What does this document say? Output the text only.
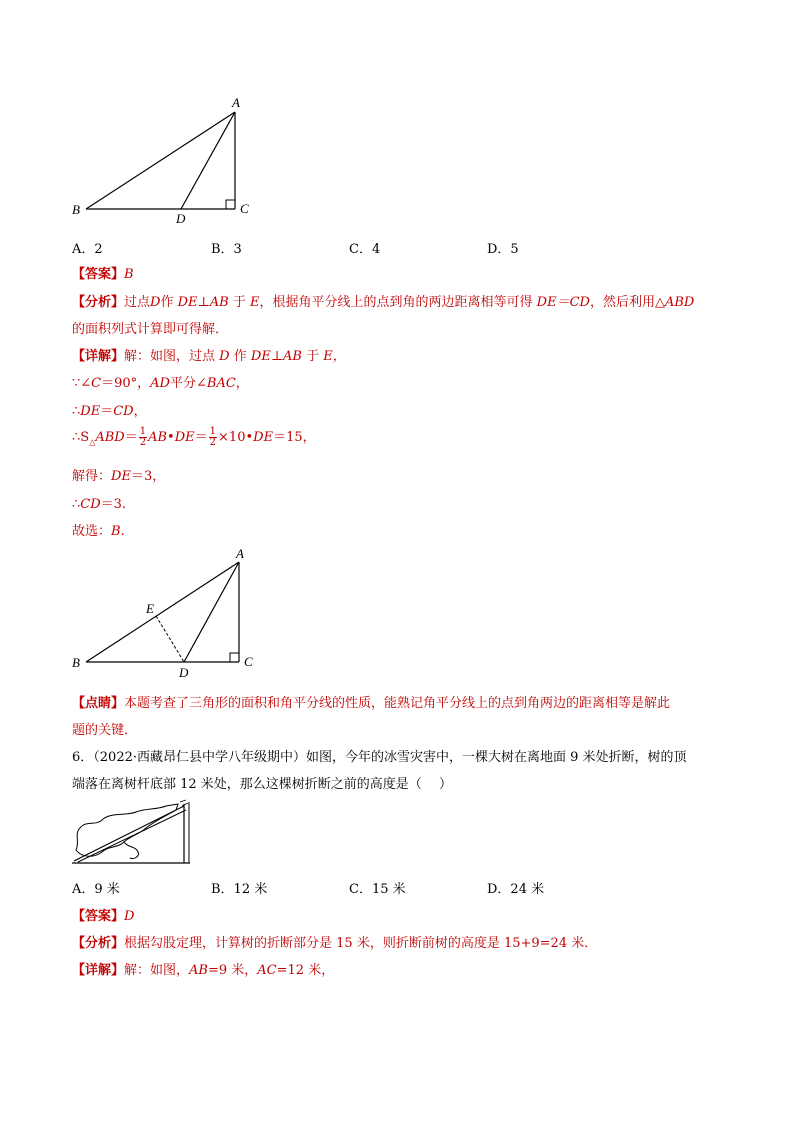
A
B	C
D
A．2	B．3	C．4	D．5
【答案】B
【分析】过点D作 DE⊥AB 于 E，根据角平分线上的点到角的两边距离相等可得 DE＝CD，然后利用△ABD
的面积列式计算即可得解．
【详解】解：如图，过点 D 作 DE⊥AB 于 E，
∵∠C＝90°，AD平分∠BAC，
∴DE＝CD，
$\therefore S_\triangle ABD= \frac{1}{2}$ AB•DE＝ $\frac{1}{2}$ ×10•DE＝15，
解得：DE＝3，
∴CD＝3.
故选：B.
A
B	C
D
E
【点睛】本题考查了三角形的面积和角平分线的性质，能熟记角平分线上的点到角两边的距离相等是解此
题的关键．
6．（2022·西藏昂仁县中学八年级期中）如图，今年的冰雪灾害中，一棵大树在离地面 9 米处折断，树的顶
端落在离树杆底部 12 米处，那么这棵树折断之前的高度是（　 ）
A．9 米	B．12 米	C．15 米	D．24 米
【答案】D
【分析】根据勾股定理，计算树的折断部分是 15 米，则折断前树的高度是 15+9=24 米．
【详解】解：如图，AB=9 米，AC=12 米，
